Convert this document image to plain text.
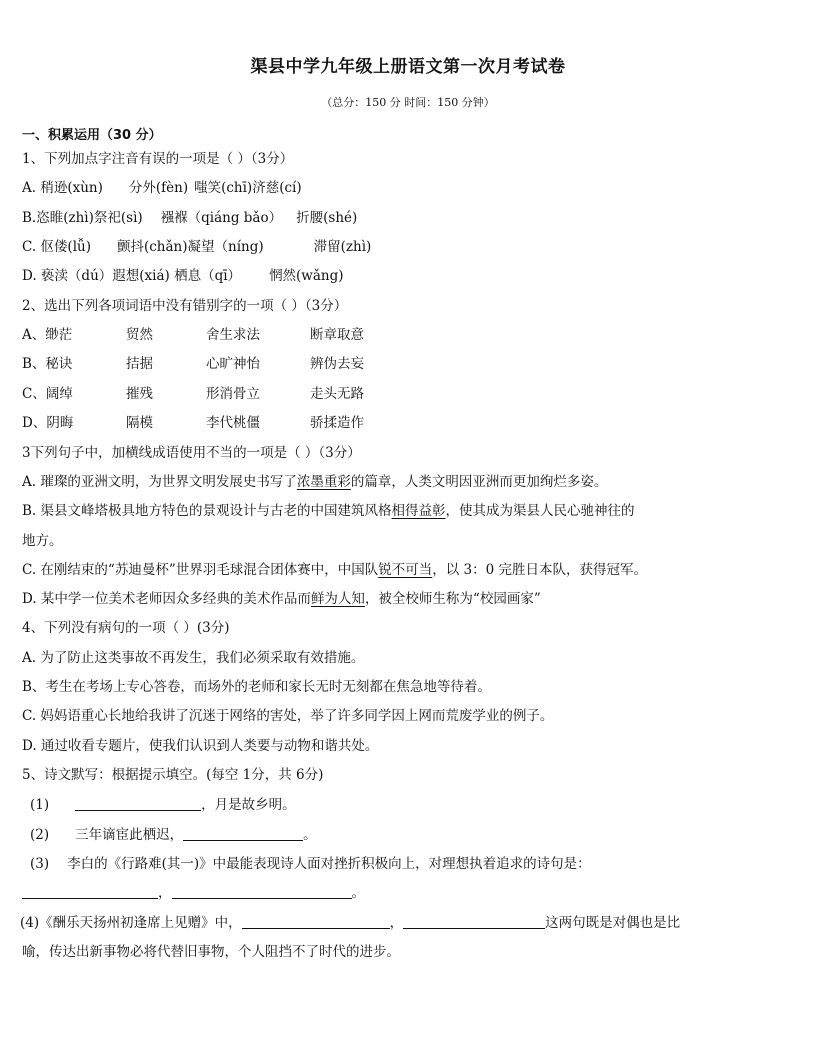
渠县中学九年级上册语文第一次月考试卷
（总分：150 分 时间：150 分钟）
一、积累运用（30 分）
1、下列加点字注音有误的一项是（ ）（3分）
A. 稍逊(xùn) 分外(fèn) 嗤笑(chī)济慈(cí)
B.恣睢(zhì)祭祀(sì) 襁褓（qiáng bǎo） 折腰(shé)
C. 伛偻(lǚ) 颤抖(chǎn)凝望（níng)	滞留(zhì)
D. 亵渎（dú）遐想(xiá) 栖息（qī） 惘然(wǎng)
2、选出下列各项词语中没有错别字的一项（ ）（3分）
A、缈茫	贸然	舍生求法	断章取意
B、秘诀	拮据	心旷神怡	辨伪去妄
C、阔绰	摧残	形消骨立	走头无路
D、阴晦	隔模	李代桃僵	骄揉造作
3下列句子中，加横线成语使用不当的一项是（ ）（3分）
A. 璀璨的亚洲文明，为世界文明发展史书写了浓墨重彩的篇章，人类文明因亚洲而更加绚烂多姿。
B. 渠县文峰塔极具地方特色的景观设计与古老的中国建筑风格相得益彰，使其成为渠县人民心驰神往的
地方。
C. 在刚结束的“苏迪曼杯”世界羽毛球混合团体赛中，中国队锐不可当，以 3：0 完胜日本队，获得冠军。
D. 某中学一位美术老师因众多经典的美术作品而鲜为人知，被全校师生称为“校园画家”
4、下列没有病句的一项（ ）(3分)
A. 为了防止这类事故不再发生，我们必须采取有效措施。
B、考生在考场上专心答卷，而场外的老师和家长无时无刻都在焦急地等待着。
C. 妈妈语重心长地给我讲了沉迷于网络的害处，举了许多同学因上网而荒废学业的例子。
D. 通过收看专题片，使我们认识到人类要与动物和谐共处。
5、诗文默写：根据提示填空。(每空 1分，共 6分)
(1)	，月是故乡明。
(2) 三年谪宦此栖迟，	。
(3) 李白的《行路难(其一)》中最能表现诗人面对挫折积极向上，对理想执着追求的诗句是：
，	。
(4)《酬乐天扬州初逢席上见赠》中，	，	这两句既是对偶也是比
喻，传达出新事物必将代替旧事物，个人阻挡不了时代的进步。
